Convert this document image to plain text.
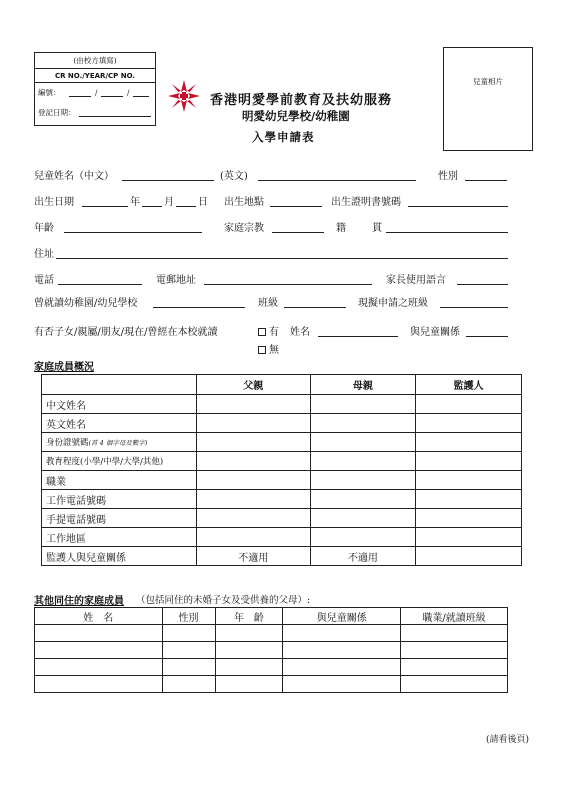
(由校方填寫)
CR NO./YEAR/CP NO.
編號：	/	/
登記日期：
兒童相片
香港明愛學前教育及扶幼服務
明愛幼兒學校/幼稚園
入學申請表
兒童姓名（中文）	(英文)	性別
出生日期	年 月 日 出生地點	出生證明書號碼
年齡	家庭宗教	籍	貫
住址
電話	電郵地址	家長使用語言
曾就讀幼稚園/幼兒學校	班級	現擬申請之班級
有否子女/親屬/朋友/現在/曾經在本校就讀	有 姓名	與兒童關係
無
家庭成員概況
	父親	母親	監護人
中文姓名			
英文姓名			
身份證號碼(首 4 個字母及數字)			
教育程度(小學/中學/大學/其他)			
職業			
工作電話號碼			
手提電話號碼			
工作地區			
監護人與兒童關係	不適用	不適用	
其他同住的家庭成員 （包括同住的未婚子女及受供養的父母）:
姓　名	性別	年　齡	與兒童關係	職業/就讀班級

(請看後頁)
